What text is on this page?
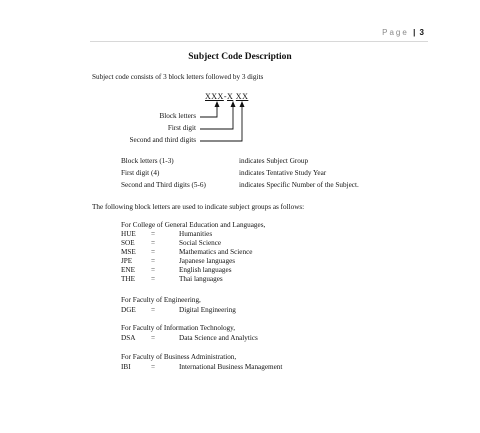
Page | 3
Subject Code Description
Subject code consists of 3 block letters followed by 3 digits
XXX-X XX
Block letters
First digit
Second and third digits
Block letters (1-3)	indicates Subject Group
First digit (4)	indicates Tentative Study Year
Second and Third digits (5-6)	indicates Specific Number of the Subject.
The following block letters are used to indicate subject groups as follows:
For College of General Education and Languages,
HUE =	Humanities
SOE =	Social Science
MSE =	Mathematics and Science
JPE	=	Japanese languages
ENE =	English languages
THE =	Thai languages
For Faculty of Engineering,
DGE =	Digital Engineering
For Faculty of Information Technology,
DSA =	Data Science and Analytics
For Faculty of Business Administration,
IBI	=	International Business Management
